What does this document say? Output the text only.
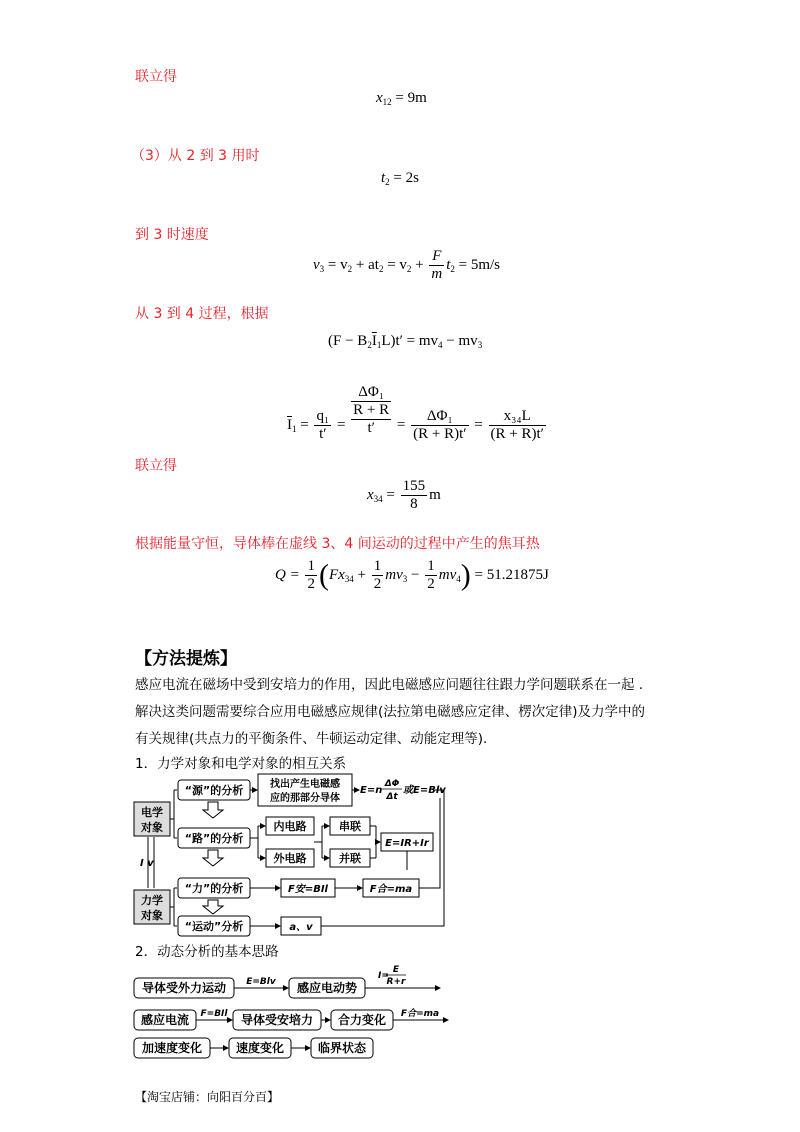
联立得
（3）从 2 到 3 用时
到 3 时速度
从 3 到 4 过程，根据
联立得
根据能量守恒，导体棒在虚线 3、4 间运动的过程中产生的焦耳热
$x_{12} = 9m$
$t_2 = 2s$
$v_3 = v_2 + at_2 = v_2 + \frac{F}{m} t_2 = 5m/s$
$(F - B_2\overline{I}_1L)t' = mv_4 - mv_3$
$\overline{I}_1 = \frac{\text{q₁}}{t'}$ =
ΔΦ₁
R + R
t′	= $\frac{\text{ΔΦ₁}}{(R + R)t'} = \frac{\text{x₃₄L}}{(R + R)t'}$
$x_{34} = \frac{155}{8}$ m
$Q = \frac{1}{2} (Fx_{34} + \frac{1}{2} mv_3 - \frac{1}{2} mv_4) = 51.21875J$
【方法提炼】
感应电流在磁场中受到安培力的作用，因此电磁感应问题往往跟力学问题联系在一起 .
解决这类问题需要综合应用电磁感应规律(法拉第电磁感应定律、楞次定律)及力学中的
有关规律(共点力的平衡条件、牛顿运动定律、动能定理等).
1．力学对象和电学对象的相互关系
电学
对象
力学
对象
I v
“源”的分析	找出产生电磁感
应的那部分导体
E=n
ΔΦ
Δt
或E=Blv
“路”的分析
内电路
外电路
串联
并联
E=IR+Ir
“力”的分析	F安=BIl	F合=ma
“运动”分析	a、v
2．动态分析的基本思路
导体受外力运动 E=Blv 感应电动势
I=
E
R+r
感应电流 F=BIl 导体受安培力 合力变化 F合=ma
加速度变化	速度变化	临界状态
【淘宝店铺：向阳百分百】
